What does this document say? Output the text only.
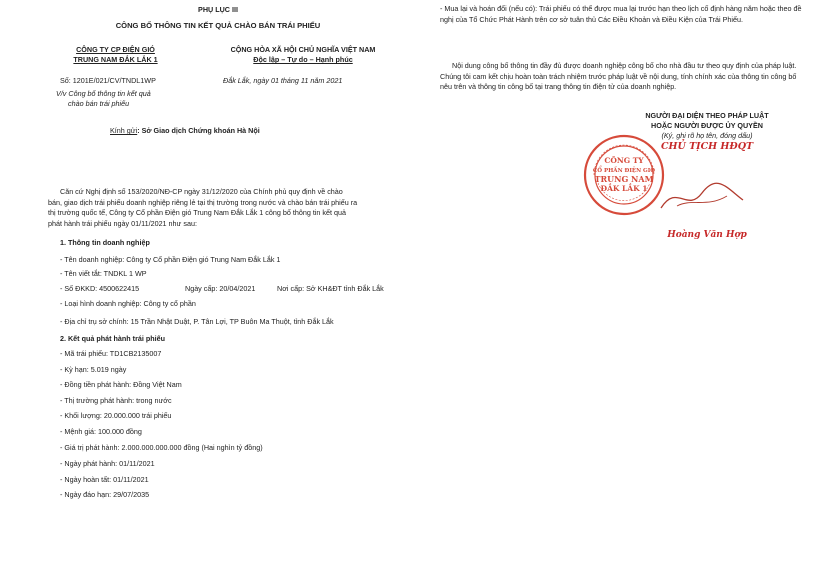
PHỤ LỤC III
CÔNG BỐ THÔNG TIN KẾT QUẢ CHÀO BÁN TRÁI PHIẾU
CÔNG TY CP ĐIỆN GIÓ
TRUNG NAM ĐẮK LẮK 1
CỘNG HÒA XÃ HỘI CHỦ NGHĨA VIỆT NAM
Độc lập – Tự do – Hạnh phúc
Số: 1201E/021/CV/TNDL1WP	Đắk Lắk, ngày 01 tháng 11 năm 2021
V/v Công bố thông tin kết quả
chào bán trái phiếu
Kính gửi: Sở Giao dịch Chứng khoán Hà Nội
Căn cứ Nghị định số 153/2020/NĐ-CP ngày 31/12/2020 của Chính phủ quy định về chào bán, giao dịch trái phiếu doanh nghiệp riêng lẻ tại thị trường trong nước và chào bán trái phiếu ra thị trường quốc tế, Công ty Cổ phần Điện gió Trung Nam Đắk Lắk 1 công bố thông tin kết quả phát hành trái phiếu ngày 01/11/2021 như sau:
1. Thông tin doanh nghiệp
- Tên doanh nghiệp: Công ty Cổ phần Điện gió Trung Nam Đắk Lắk 1
- Tên viết tắt: TNDKL 1 WP
- Số ĐKKD: 4500622415	Ngày cấp: 20/04/2021	Nơi cấp: Sở KH&ĐT tỉnh Đắk Lắk
- Loại hình doanh nghiệp: Công ty cổ phần
- Địa chỉ trụ sở chính: 15 Trần Nhật Duật, P. Tân Lợi, TP Buôn Ma Thuột, tỉnh Đắk Lắk
2. Kết quả phát hành trái phiếu
- Mã trái phiếu: TD1CB2135007
- Kỳ hạn: 5.019 ngày
- Đồng tiền phát hành: Đồng Việt Nam
- Thị trường phát hành: trong nước
- Khối lượng: 20.000.000 trái phiếu
- Mệnh giá: 100.000 đồng
- Giá trị phát hành: 2.000.000.000.000 đồng (Hai nghìn tỷ đồng)
- Ngày phát hành: 01/11/2021
- Ngày hoàn tất: 01/11/2021
- Ngày đáo hạn: 29/07/2035
- Mua lại và hoán đổi (nếu có): Trái phiếu có thể được mua lại trước hạn theo lịch cố định hàng năm hoặc theo đề nghị của Tổ Chức Phát Hành trên cơ sở tuân thủ Các Điều Khoản và Điều Kiện của Trái Phiếu.
Nội dung công bố thông tin đầy đủ được doanh nghiệp công bố cho nhà đầu tư theo quy định của pháp luật. Chúng tôi cam kết chịu hoàn toàn trách nhiệm trước pháp luật về nội dung, tính chính xác của thông tin công bố nêu trên và thông tin công bố tại trang thông tin điện tử của doanh nghiệp.
NGƯỜI ĐẠI DIỆN THEO PHÁP LUẬT
HOẶC NGƯỜI ĐƯỢC ỦY QUYỀN
(Ký, ghi rõ họ tên, đóng dấu)
CHỦ TỊCH HĐQT
CÔNG TY
CỔ PHẦN ĐIỆN GIÓ
TRUNG NAM
ĐẮK LẮK 1
Hoàng Văn Hợp
